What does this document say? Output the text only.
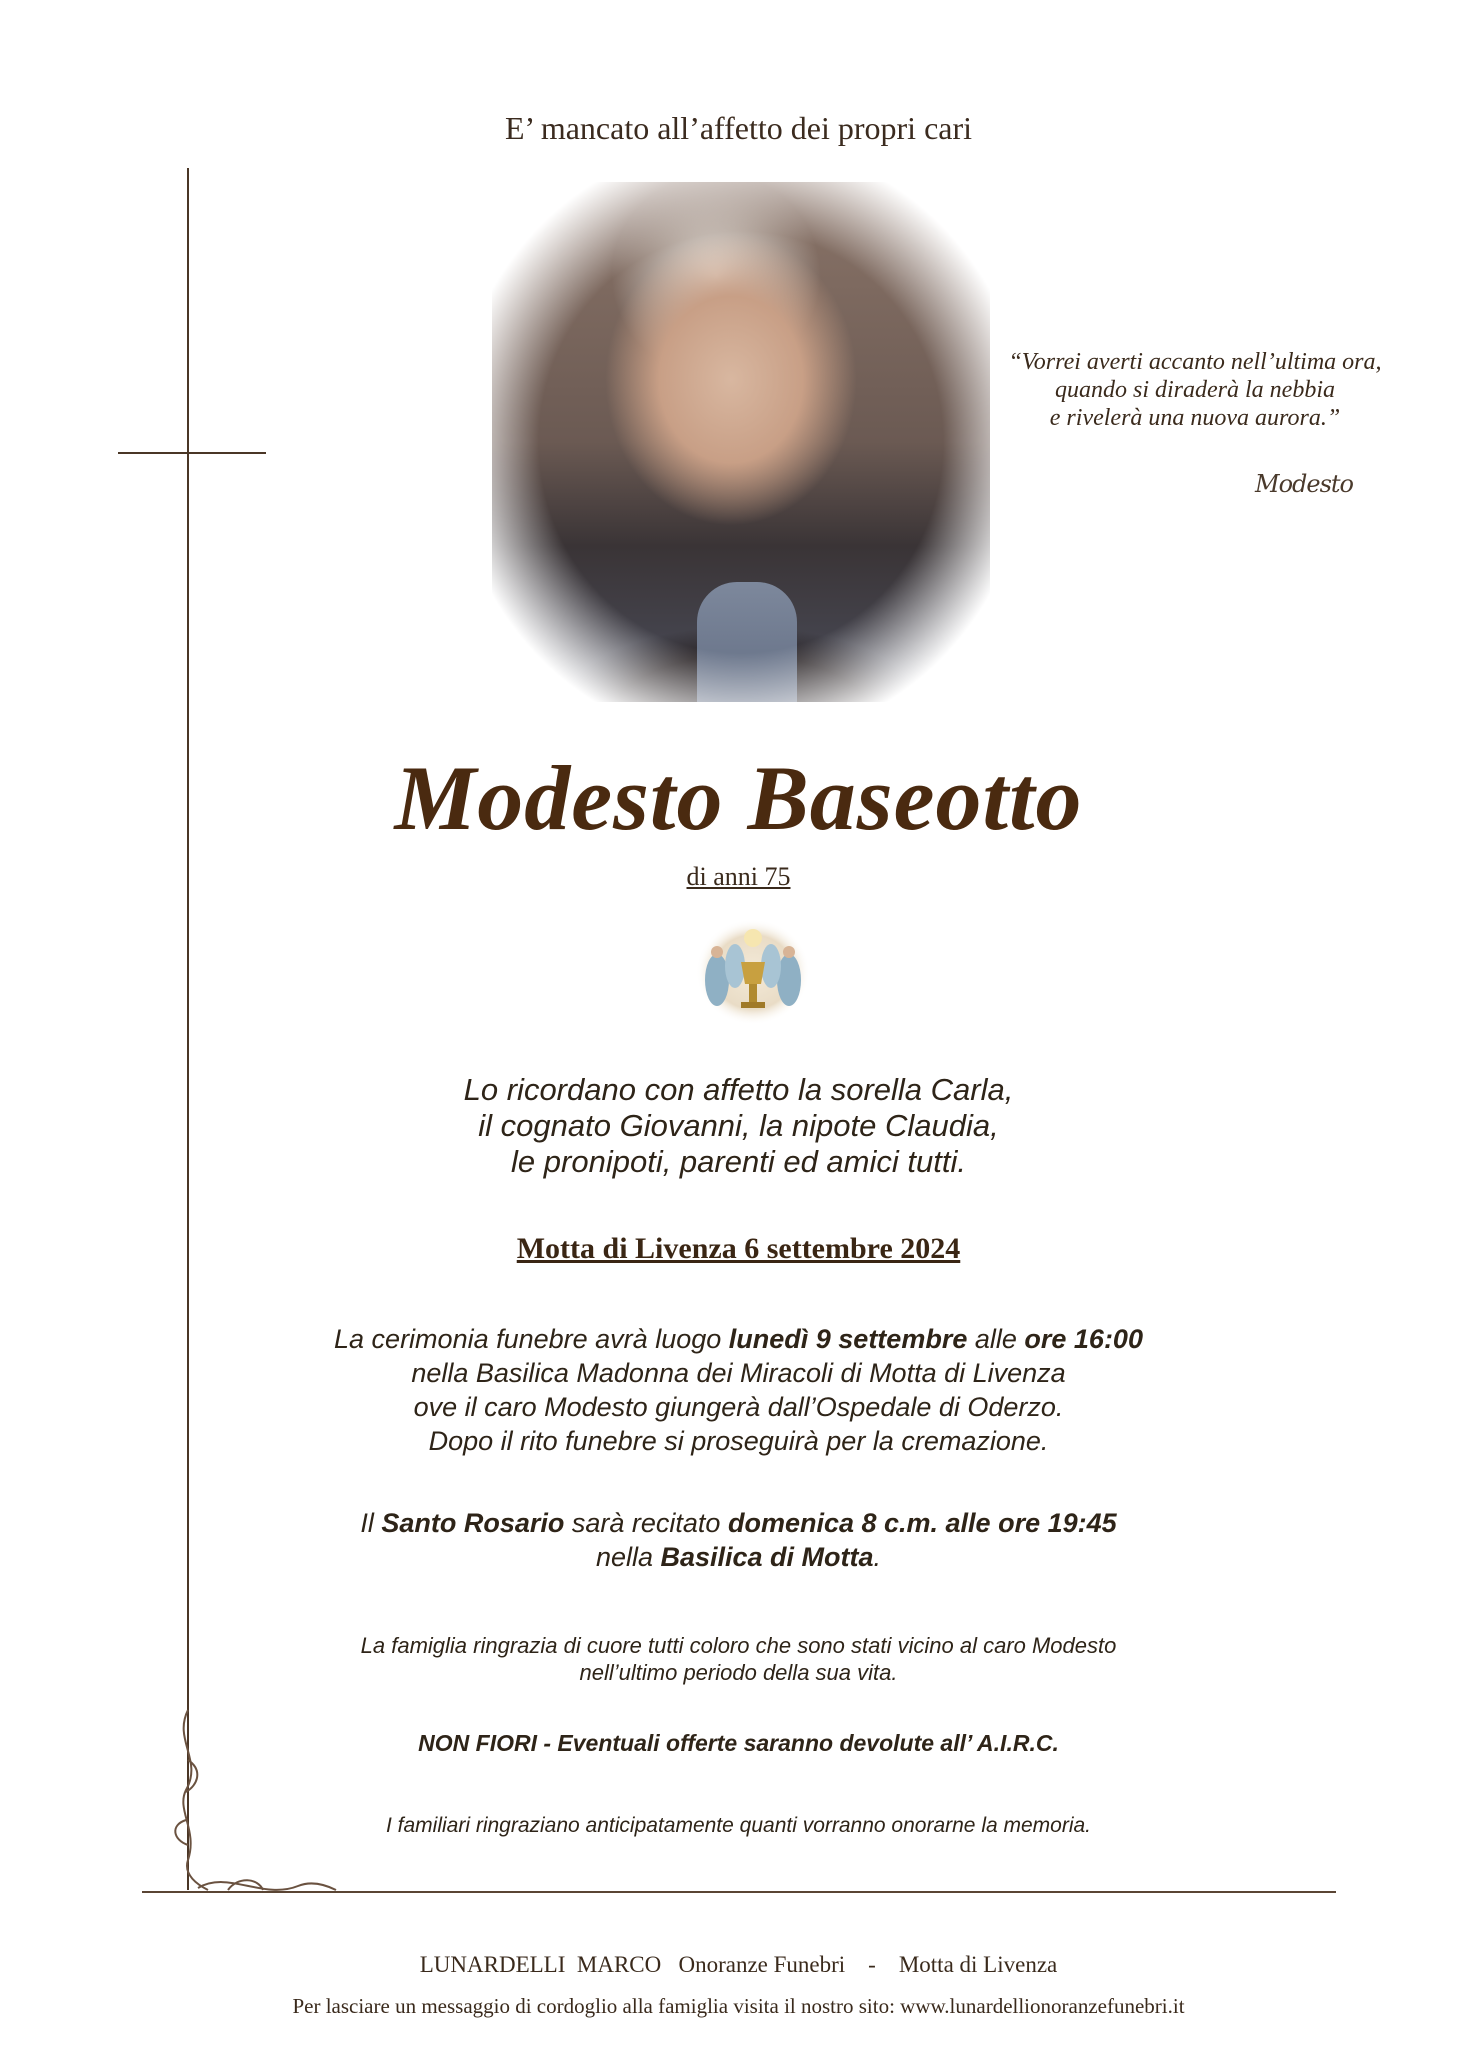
E’ mancato all’affetto dei propri cari
“Vorrei averti accanto nell’ultima ora,
quando si diraderà la nebbia
e rivelerà una nuova aurora.”
Modesto
Modesto Baseotto
di anni 75
Lo ricordano con affetto la sorella Carla,
il cognato Giovanni, la nipote Claudia,
le pronipoti, parenti ed amici tutti.
Motta di Livenza 6 settembre 2024
La cerimonia funebre avrà luogo lunedì 9 settembre alle ore 16:00
nella Basilica Madonna dei Miracoli di Motta di Livenza
ove il caro Modesto giungerà dall’Ospedale di Oderzo.
Dopo il rito funebre si proseguirà per la cremazione.
Il Santo Rosario sarà recitato domenica 8 c.m. alle ore 19:45
nella Basilica di Motta.
La famiglia ringrazia di cuore tutti coloro che sono stati vicino al caro Modesto
nell’ultimo periodo della sua vita.
NON FIORI - Eventuali offerte saranno devolute all’ A.I.R.C.
I familiari ringraziano anticipatamente quanti vorranno onorarne la memoria.
LUNARDELLI  MARCO   Onoranze Funebri    -    Motta di Livenza
Per lasciare un messaggio di cordoglio alla famiglia visita il nostro sito: www.lunardellionoranzefunebri.it
